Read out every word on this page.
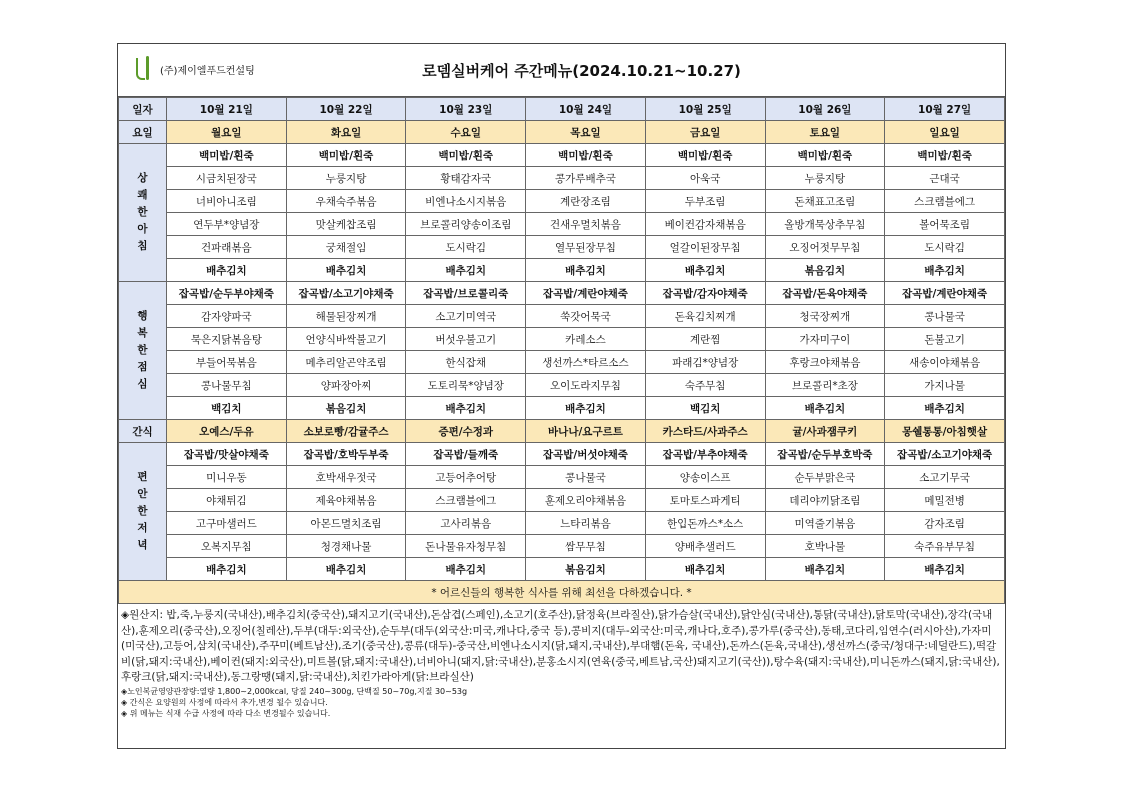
(주)제이엘푸드컨설팅	로뎀실버케어 주간메뉴(2024.10.21~10.27)
일자	10월 21일	10월 22일	10월 23일	10월 24일	10월 25일	10월 26일	10월 27일
요일	월요일	화요일	수요일	목요일	금요일	토요일	일요일

상
쾌
한
아
침	백미밥/흰죽	백미밥/흰죽	백미밥/흰죽	백미밥/흰죽	백미밥/흰죽	백미밥/흰죽	백미밥/흰죽
	시금치된장국	누룽지탕	황태감자국	콩가루배추국	아욱국	누룽지탕	근대국
	너비아니조림	우채숙주볶음	비엔나소시지볶음	계란장조림	두부조림	돈채표고조림	스크램블에그
	연두부*양념장	맛살케찹조림	브로콜리양송이조림	건새우멸치볶음	베이컨감자채볶음	올방개묵상추무침	볼어묵조림
	건파래볶음	궁채절임	도시락김	열무된장무침	얼갈이된장무침	오징어젓무무침	도시락김
	배추김치	배추김치	배추김치	배추김치	배추김치	볶음김치	배추김치

행
복
한
점
심	잡곡밥/순두부야채죽	잡곡밥/소고기야채죽	잡곡밥/브로콜리죽	잡곡밥/계란야채죽	잡곡밥/감자야채죽	잡곡밥/돈육야채죽	잡곡밥/계란야채죽
	감자양파국	해물된장찌개	소고기미역국	쑥갓어묵국	돈육김치찌개	청국장찌개	콩나물국
	묵은지닭볶음탕	언양식바싹불고기	버섯우불고기	카레소스	계란찜	가자미구이	돈불고기
	부들어묵볶음	메추리알곤약조림	한식잡채	생선까스*타르소스	파래김*양념장	후랑크야채볶음	새송이야채볶음
	콩나물무침	양파장아찌	도토리묵*양념장	오이도라지무침	숙주무침	브로콜리*초장	가지나물
	백김치	볶음김치	배추김치	배추김치	백김치	배추김치	배추김치
간식	오예스/두유	소보로빵/감귤주스	증편/수정과	바나나/요구르트	카스타드/사과주스	귤/사과잼쿠키	몽쉘통통/아침햇살

편
안
한
저
녁	잡곡밥/맛살야채죽	잡곡밥/호박두부죽	잡곡밥/들깨죽	잡곡밥/버섯야채죽	잡곡밥/부추야채죽	잡곡밥/순두부호박죽	잡곡밥/소고기야채죽
	미니우동	호박새우젓국	고등어추어탕	콩나물국	양송이스프	순두부맑은국	소고기무국
	야채튀김	제육야채볶음	스크램블에그	훈제오리야채볶음	토마토스파게티	데리야끼닭조림	메밀전병
	고구마샐러드	아몬드멸치조림	고사리볶음	느타리볶음	한입돈까스*소스	미역줄기볶음	감자조림
	오복지무침	청경채나물	돈나물유자청무침	쌈무무침	양배추샐러드	호박나물	숙주유부무침
	배추김치	배추김치	배추김치	볶음김치	배추김치	배추김치	배추김치
* 어르신들의 행복한 식사를 위해 최선을 다하겠습니다. *							
◈원산지: 밥,죽,누룽지(국내산),배추김치(중국산),돼지고기(국내산),돈삼겹(스페인),소고기(호주산),닭정육(브라질산),닭가슴살(국내산),닭안심(국내산),통닭(국내산),닭토막(국내산),장각(국내산),훈제오리(중국산),오징어(칠레산),두부(대두:외국산),순두부(대두(외국산:미국,캐나다,중국 등),콩비지(대두-외국산:미국,캐나다,호주),콩가루(중국산),동태,코다리,임연수(러시아산),가자미(미국산),고등어,삼치(국내산),주꾸미(베트남산),조기(중국산),콩류(대두)-중국산,비엔나소시지(닭,돼지,국내산),부대햄(돈육, 국내산),돈까스(돈육,국내산),생선까스(중국/청대구:네덜란드),떡갈비(닭,돼지:국내산),베이컨(돼지:외국산),미트볼(닭,돼지:국내산),너비아니(돼지,닭:국내산),분홍소시지(연육(중국,베트남,국산)돼지고기(국산)),탕수육(돼지:국내산),미니돈까스(돼지,닭:국내산),후랑크(닭,돼지:국내산),동그랑땡(돼지,닭:국내산),치킨가라아게(닭:브라실산)
◈노인복균영양관장량:열량 1,800~2,000kcal, 당질 240~300g, 단백질 50~70g,지질 30~53g
◈ 간식은 요양원의 사정에 따라서 추가,변경 될수 있습니다.
◈ 위 메뉴는 식재 수급 사정에 따라 다소 변경될수 있습니다.
